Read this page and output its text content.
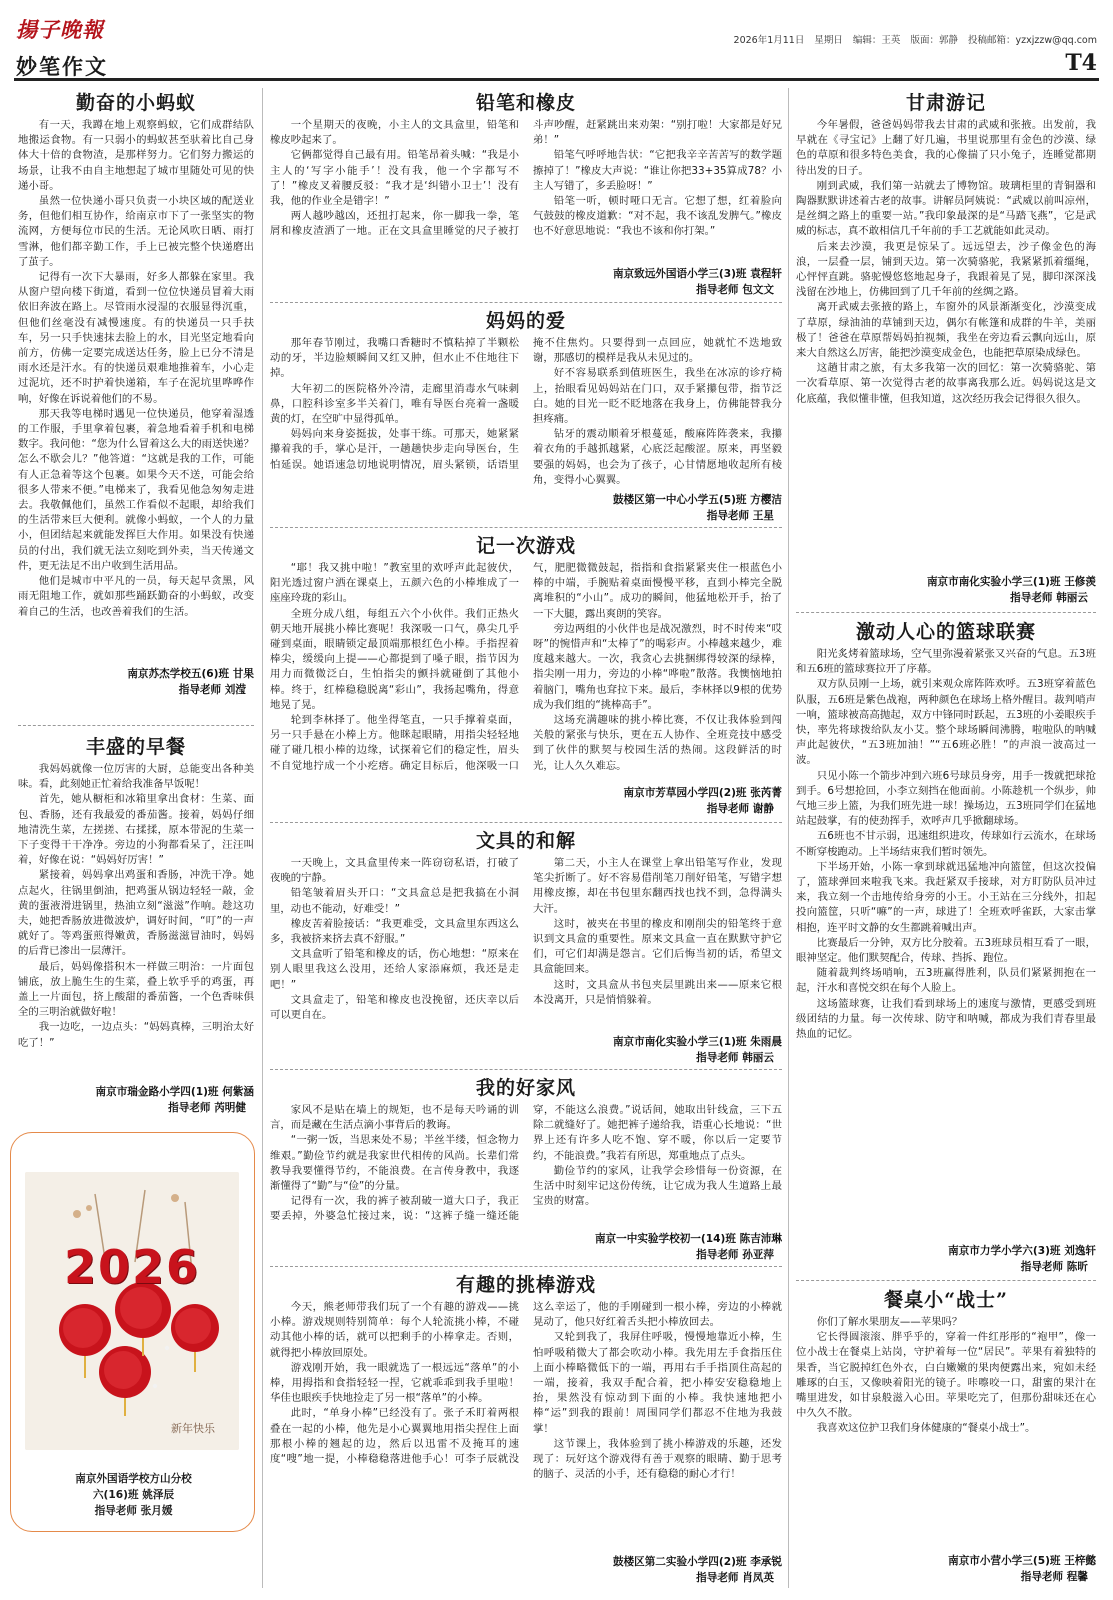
揚子晚報	2026年1月11日 星期日 编辑：王英 版面：郭静 投稿邮箱：yzxjzzw@qq.com
妙笔作文	T4
勤奋的小蚂蚁

有一天，我蹲在地上观察蚂蚁，它们成群结队地搬运食物。有一只弱小的蚂蚁甚至驮着比自己身体大十倍的食物渣，是那样努力。它们努力搬运的场景，让我不由自主地想起了城市里随处可见的快递小哥。

虽然一位快递小哥只负责一小块区域的配送业务，但他们相互协作，给南京市下了一张坚实的物流网，方便每位市民的生活。无论风吹日晒、雨打雪淋，他们都辛勤工作，手上已被完整个快递磨出了茧子。

记得有一次下大暴雨，好多人都躲在家里。我从窗户望向楼下街道，看到一位位快递员冒着大雨依旧奔波在路上。尽管雨水浸湿的衣服显得沉重，但他们丝毫没有减慢速度。有的快递员一只手扶车，另一只手快速抹去脸上的水，目光坚定地看向前方，仿佛一定要完成送达任务，脸上已分不清是雨水还是汗水。有的快递员艰难地推着车，小心走过泥坑，还不时护着快递箱，车子在泥坑里哗哗作响，好像在诉说着他们的不易。

那天我等电梯时遇见一位快递员，他穿着湿透的工作服，手里拿着包裹，着急地看着手机和电梯数字。我问他：“您为什么冒着这么大的雨送快递？怎么不歇会儿？”他答道：“这就是我的工作，可能有人正急着等这个包裹。如果今天不送，可能会给很多人带来不便。”电梯来了，我看见他急匆匆走进去。我敬佩他们，虽然工作看似不起眼，却给我们的生活带来巨大便利。就像小蚂蚁，一个人的力量小，但团结起来就能发挥巨大作用。如果没有快递员的付出，我们就无法立刻吃到外卖，当天传递文件，更无法足不出户收到生活用品。

他们是城市中平凡的一员，每天起早贪黑，风雨无阻地工作，就如那些踊跃勤奋的小蚂蚁，改变着自己的生活，也改善着我们的生活。

南京苏杰学校五(6)班 甘果
指导老师 刘滢
丰盛的早餐

我妈妈就像一位厉害的大厨，总能变出各种美味。看，此刻她正忙着给我准备早饭呢！

首先，她从橱柜和冰箱里拿出食材：生菜、面包、香肠，还有我最爱的番茄酱。接着，妈妈仔细地清洗生菜，左搓搓、右揉揉，原本带泥的生菜一下子变得干干净净。旁边的小狗都看呆了，汪汪叫着，好像在说：“妈妈好厉害！”

紧接着，妈妈拿出鸡蛋和香肠，冲洗干净。她点起火，往锅里倒油，把鸡蛋从锅边轻轻一敲，金黄的蛋液滑进锅里，热油立刻“滋滋”作响。趁这功夫，她把香肠放进微波炉，调好时间，“叮”的一声就好了。等鸡蛋煎得嫩黄，香肠滋滋冒油时，妈妈的后背已渗出一层薄汗。

最后，妈妈像搭积木一样做三明治：一片面包铺底，放上脆生生的生菜，叠上软乎乎的鸡蛋，再盖上一片面包，挤上酸甜的番茄酱，一个色香味俱全的三明治就做好啦！

我一边吃，一边点头：“妈妈真棒，三明治太好吃了！”

南京市瑞金路小学四(1)班 何紫涵
指导老师 芮明健
2026
新年快乐
南京外国语学校方山分校
六(16)班 姚泽辰
指导老师 张月媛
铅笔和橡皮

一个星期天的夜晚，小主人的文具盒里，铅笔和橡皮吵起来了。

它俩都觉得自己最有用。铅笔昂着头喊：“我是小主人的‘写字小能手’！没有我，他一个字都写不了！”橡皮叉着腰反驳：“我才是‘纠错小卫士’！没有我，他的作业全是错字！”

两人越吵越凶，还扭打起来，你一脚我一拳，笔屑和橡皮渣洒了一地。正在文具盒里睡觉的尺子被打斗声吵醒，赶紧跳出来劝架：“别打啦！大家都是好兄弟！”

铅笔气呼呼地告状：“它把我辛辛苦苦写的数学题擦掉了！”橡皮大声说：“谁让你把33+35算成78？小主人写错了，多丢脸呀！”

铅笔一听，顿时哑口无言。它想了想，红着脸向气鼓鼓的橡皮道歉：“对不起，我不该乱发脾气。”橡皮也不好意思地说：“我也不该和你打架。”

南京致远外国语小学三(3)班 袁程轩
指导老师 包文文
妈妈的爱

那年春节刚过，我嘴口香糖时不慎粘掉了半颗松动的牙，半边脸颊瞬间又红又肿，但水止不住地往下掉。

大年初二的医院格外冷清，走廊里消毒水气味刺鼻，口腔科诊室多半关着门，唯有导医台亮着一盏暖黄的灯，在空旷中显得孤单。

妈妈向来身姿挺拔，处事干练。可那天，她紧紧攥着我的手，掌心是汗，一趟趟快步走向导医台，生怕延误。她语速急切地说明情况，眉头紧锁，话语里掩不住焦灼。只要得到一点回应，她就忙不迭地致谢，那感切的模样是我从未见过的。

好不容易联系到值班医生，我坐在冰凉的诊疗椅上，抬眼看见妈妈站在门口，双手紧攥包带，指节泛白。她的目光一眨不眨地落在我身上，仿佛能替我分担疼痛。

钻牙的震动顺着牙根蔓延，酸麻阵阵袭来，我攥着衣角的手越抓越紧，心底泛起酸涩。原来，再坚毅要强的妈妈，也会为了孩子，心甘情愿地收起所有棱角，变得小心翼翼。

鼓楼区第一中心小学五(5)班 方樱洁
指导老师 王星
记一次游戏

“耶！我又挑中啦！”教室里的欢呼声此起彼伏，阳光透过窗户洒在课桌上，五颜六色的小棒堆成了一座座玲珑的彩山。

全班分成八组，每组五六个小伙伴。我们正热火朝天地开展挑小棒比赛呢！我深吸一口气，鼻尖几乎碰到桌面，眼睛锁定最顶端那根红色小棒。手指捏着棒尖，缓缓向上提——心都提到了嗓子眼，指节因为用力而微微泛白，生怕指尖的颤抖就碰倒了其他小棒。终于，红棒稳稳脱离“彩山”，我扬起嘴角，得意地晃了晃。

轮到李林择了。他坐得笔直，一只手撑着桌面，另一只手悬在小棒上方。他眯起眼睛，用指尖轻轻地碰了碰几根小棒的边缘，试探着它们的稳定性，眉头不自觉地拧成一个小疙瘩。确定目标后，他深吸一口气，肥肥微微鼓起，指指和食指紧紧夹住一根蓝色小棒的中端，手腕贴着桌面慢慢平移，直到小棒完全脱离堆积的“小山”。成功的瞬间，他猛地松开手，抬了一下大腿，露出爽朗的笑容。

旁边两组的小伙伴也是战况激烈，时不时传来“哎呀”的惋惜声和“太棒了”的喝彩声。小棒越来越少，难度越来越大。一次，我贪心去挑捆绑得较深的绿棒，指尖刚一用力，旁边的小棒“哗啦”散落。我懊恼地拍着脑门，嘴角也耷拉下来。最后，李林择以9根的优势成为我们组的“挑棒高手”。

这场充满趣味的挑小棒比赛，不仅让我体验到闯关般的紧张与快乐，更在五人协作、全班竞技中感受到了伙伴的默契与校园生活的热闹。这段鲜活的时光，让人久久难忘。

南京市芳草园小学四(2)班 张芮菁
指导老师 谢静
文具的和解

一天晚上，文具盒里传来一阵窃窃私语，打破了夜晚的宁静。

铅笔皱着眉头开口：“文具盒总是把我搞在小洞里，动也不能动，好难受！”

橡皮苦着脸接话：“我更难受，文具盒里东西这么多，我被挤来挤去真不舒服。”

文具盒听了铅笔和橡皮的话，伤心地想：“原来在别人眼里我这么没用，还给人家添麻烦，我还是走吧！”

文具盒走了，铅笔和橡皮也没挽留，还庆幸以后可以更自在。

第二天，小主人在课堂上拿出铅笔写作业，发现笔尖折断了。好不容易借削笔刀削好铅笔，写错字想用橡皮擦，却在书包里东翻西找也找不到，急得满头大汗。

这时，被夹在书里的橡皮和刚削尖的铅笔终于意识到文具盒的重要性。原来文具盒一直在默默守护它们，可它们却满是怨言。它们后悔当初的话，希望文具盒能回来。

这时，文具盒从书包夹层里跳出来——原来它根本没离开，只是悄悄躲着。

南京市南化实验小学三(1)班 朱雨晨
指导老师 韩丽云
我的好家风

家风不是贴在墙上的规矩，也不是每天吟诵的训言，而是藏在生活点滴小事背后的教诲。

“一粥一饭，当思来处不易；半丝半缕，恒念物力维艰。”勤俭节约就是我家世代相传的风尚。长辈们常教导我要懂得节约，不能浪费。在言传身教中，我逐渐懂得了“勤”与“俭”的分量。

记得有一次，我的裤子被刮破一道大口子，我正要丢掉，外婆急忙接过来，说：“这裤子缝一缝还能穿，不能这么浪费。”说话间，她取出针线盒，三下五除二就缝好了。她把裤子递给我，语重心长地说：“世界上还有许多人吃不饱、穿不暖，你以后一定要节约，不能浪费。”我若有所思，郑重地点了点头。

勤俭节约的家风，让我学会珍惜每一份资源，在生活中时刻牢记这份传统，让它成为我人生道路上最宝贵的财富。

南京一中实验学校初一(14)班 陈吉沛琳
指导老师 孙亚萍
有趣的挑棒游戏

今天，熊老师带我们玩了一个有趣的游戏——挑小棒。游戏规则特别简单：每个人轮流挑小棒，不碰动其他小棒的话，就可以把剩手的小棒拿走。否则，就得把小棒放回原处。

游戏刚开始，我一眼就选了一根远远“落单”的小棒，用拇指和食指轻轻一捏，它就乖乖到我手里啦！华佳也眼疾手快地捡走了另一根“落单”的小棒。

此时，“单身小棒”已经没有了。张子禾盯着两根叠在一起的小棒，他先是小心翼翼地用指尖捏住上面那根小棒的翘起的边，然后以迅雷不及掩耳的速度“嗖”地一提，小棒稳稳落进他手心！可李子辰就没这么幸运了，他的手刚碰到一根小棒，旁边的小棒就晃动了，他只好红着舌头把小棒放回去。

又轮到我了，我屏住呼吸，慢慢地靠近小棒，生怕呼吸稍微大了都会吹动小棒。我先用左手食指压住上面小棒略微低下的一端，再用右手手指顶住高起的一端，接着，我双手配合着，把小棒安安稳稳地上抬，果然没有惊动到下面的小棒。我快速地把小棒“运”到我的跟前！周围同学们都忍不住地为我鼓掌！

这节课上，我体验到了挑小棒游戏的乐趣，还发现了：玩好这个游戏得有善于观察的眼睛、勤于思考的脑子、灵活的小手，还有稳稳的耐心才行！

鼓楼区第二实验小学四(2)班 李承锐
指导老师 肖凤英
甘肃游记

今年暑假，爸爸妈妈带我去甘肃的武威和张掖。出发前，我早就在《寻宝记》上翻了好几遍，书里说那里有金色的沙漠、绿色的草原和很多特色美食，我的心像揣了只小兔子，连睡觉都期待出发的日子。

刚到武威，我们第一站就去了博物馆。玻璃柜里的青铜器和陶器默默讲述着古老的故事。讲解员阿姨说：“武威以前叫凉州，是丝绸之路上的重要一站。”我印象最深的是“马踏飞燕”，它是武威的标志，真不敢相信几千年前的手工艺就能如此灵动。

后来去沙漠，我更是惊呆了。远远望去，沙子像金色的海浪，一层叠一层，铺到天边。第一次骑骆驼，我紧紧抓着缰绳，心怦怦直跳。骆驼慢悠悠地起身子，我跟着晃了晃，脚印深深浅浅留在沙地上，仿佛回到了几千年前的丝绸之路。

离开武威去张掖的路上，车窗外的风景渐渐变化，沙漠变成了草原，绿油油的草铺到天边，偶尔有帐篷和成群的牛羊，美丽极了！爸爸在草原帮妈妈拍视频，我坐在旁边看云飘向远山，原来大自然这么厉害，能把沙漠变成金色，也能把草原染成绿色。

这趟甘肃之旅，有太多我第一次的回忆：第一次骑骆驼、第一次看草原、第一次觉得古老的故事离我那么近。妈妈说这是文化底蕴，我似懂非懂，但我知道，这次经历我会记得很久很久。

南京市南化实验小学三(1)班 王修羡
指导老师 韩丽云
激动人心的篮球联赛

阳光炙烤着篮球场，空气里弥漫着紧张又兴奋的气息。五3班和五6班的篮球赛拉开了序幕。

双方队员刚一上场，就引来观众席阵阵欢呼。五3班穿着蓝色队服，五6班是紫色战袍，两种颜色在球场上格外醒目。裁判哨声一响，篮球被高高抛起，双方中锋同时跃起，五3班的小姜眼疾手快，率先将球拨给队友小艾。整个球场瞬间沸腾，啦啦队的呐喊声此起彼伏，“五3班加油！”“五6班必胜！”的声浪一波高过一波。

只见小陈一个箭步冲到六班6号球员身旁，用手一拨就把球抢到手。6号想抢回，小李立刻挡在他面前。小陈趁机一个纵步，帅气地三步上篮，为我们班先进一球！操场边，五3班同学们在猛地站起鼓掌，有的使劲挥手，欢呼声几乎掀翻球场。

五6班也不甘示弱，迅速组织进攻，传球如行云流水，在球场不断穿梭跑动。上半场结束我们暂时领先。

下半场开始，小陈一拿到球就迅猛地冲向篮筐，但这次投偏了，篮球弹回来啦我飞来。我赶紧双手接球，对方盯防队员冲过来，我立刻一个击地传给身旁的小王。小王站在三分线外，扣起投向篮筐，只听“嘛”的一声，球进了！全班欢呼雀跃，大家击掌相抱，连平时文静的女生都跳着喊出声。

比赛最后一分钟，双方比分胶着。五3班球员相互看了一眼，眼神坚定。他们默契配合，传球、挡拆、跑位。

随着裁判终场哨响，五3班赢得胜利，队员们紧紧拥抱在一起，汗水和喜悦交织在每个人脸上。

这场篮球赛，让我们看到球场上的速度与激情，更感受到班级团结的力量。每一次传球、防守和呐喊，都成为我们青春里最热血的记忆。

南京市力学小学六(3)班 刘逸轩
指导老师 陈昕
餐桌小“战士”

你们了解水果朋友——苹果吗？

它长得圆滚滚、胖乎乎的，穿着一件红彤彤的“袍甲”，像一位小战士在餐桌上站岗，守护着每一位“居民”。苹果有着独特的果香，当它脱掉红色外衣，白白嫩嫩的果肉便露出来，宛如未经雕琢的白玉，又像映着阳光的镜子。咔嚓咬一口，甜蜜的果汁在嘴里进发，如甘泉般滋入心田。苹果吃完了，但那份甜味还在心中久久不散。

我喜欢这位护卫我们身体健康的“餐桌小战士”。

南京市小营小学三(5)班 王梓懿
指导老师 程馨
